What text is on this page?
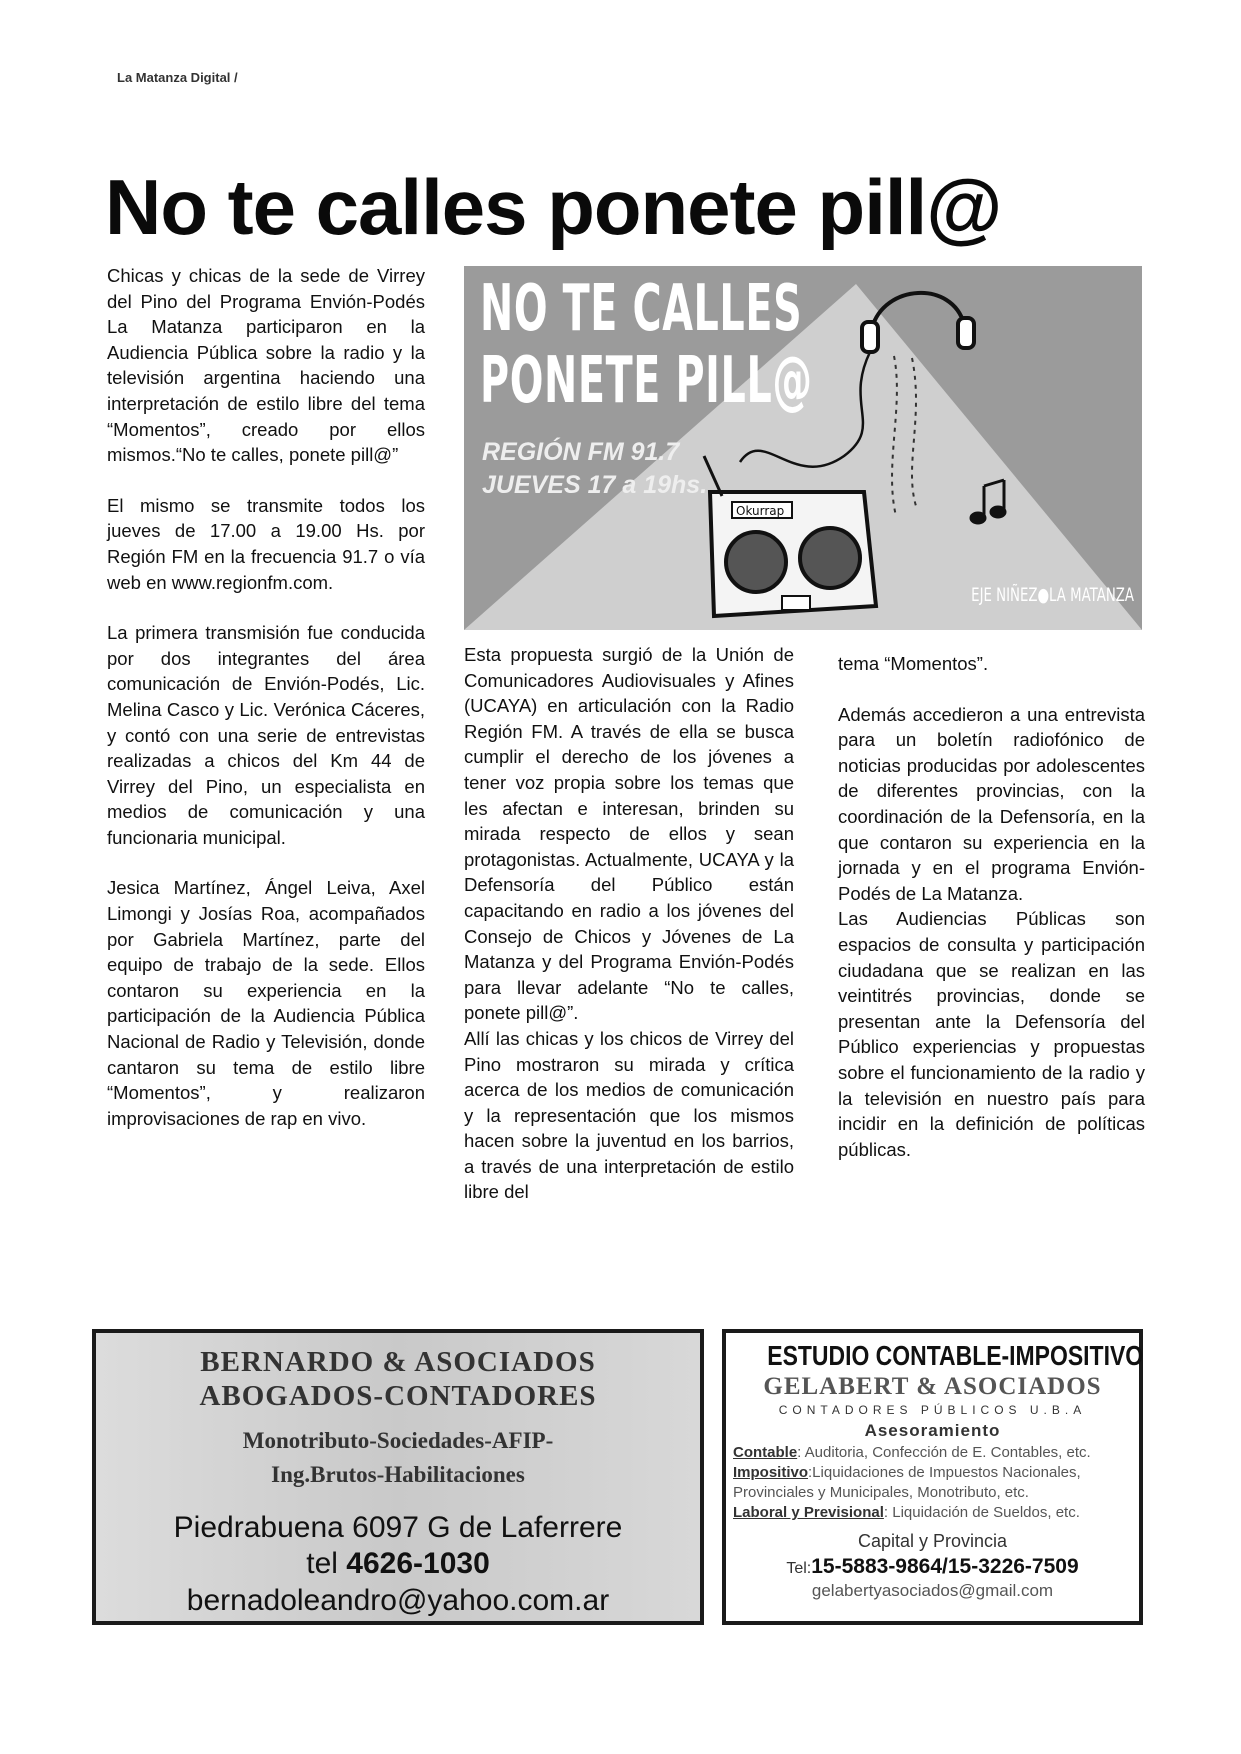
La Matanza Digital /
No te calles ponete pill@

Chicas y chicas de la sede de Virrey del Pino del Programa Envión-Podés La Matanza participaron en la Audiencia Pública sobre la radio y la televisión argentina haciendo una interpretación de estilo libre del tema “Momentos”, creado por ellos mismos.“No te calles, ponete pill@”

El mismo se transmite todos los jueves de 17.00 a 19.00 Hs. por Región FM en la frecuencia 91.7 o vía web en www.regionfm.com.

La primera transmisión fue conducida por dos integrantes del área comunicación de Envión-Podés, Lic. Melina Casco y Lic. Verónica Cáceres, y contó con una serie de entrevistas realizadas a chicos del Km 44 de Virrey del Pino, un especialista en medios de comunicación y una funcionaria municipal.

Jesica Martínez, Ángel Leiva, Axel Limongi y Josías Roa, acompañados por Gabriela Martínez, parte del equipo de trabajo de la sede. Ellos contaron su experiencia en la participación de la Audiencia Pública Nacional de Radio y Televisión, donde cantaron su tema de estilo libre “Momentos”, y realizaron improvisaciones de rap en vivo.

Okurrap
NO TE CALLES
PONETE PILL@
REGIÓN FM 91.7
JUEVES 17 a 19hs.
EJE NIÑEZ●LA MATANZA

Esta propuesta surgió de la Unión de Comunicadores Audiovisuales y Afines (UCAYA) en articulación con la Radio Región FM. A través de ella se busca cumplir el derecho de los jóvenes a tener voz propia sobre los temas que les afectan e interesan, brinden su mirada respecto de ellos y sean protagonistas. Actualmente, UCAYA y la Defensoría del Público están capacitando en radio a los jóvenes del Consejo de Chicos y Jóvenes de La Matanza y del Programa Envión-Podés para llevar adelante “No te calles, ponete pill@”.

Allí las chicas y los chicos de Virrey del Pino mostraron su mirada y crítica acerca de los medios de comunicación y la representación que los mismos hacen sobre la juventud en los barrios, a través de una interpretación de estilo libre del

tema “Momentos”.

Además accedieron a una entrevista para un boletín radiofónico de noticias producidas por adolescentes de diferentes provincias, con la coordinación de la Defensoría, en la que contaron su experiencia en la jornada y en el programa Envión-Podés de La Matanza.

Las Audiencias Públicas son espacios de consulta y participación ciudadana que se realizan en las veintitrés provincias, donde se presentan ante la Defensoría del Público experiencias y propuestas sobre el funcionamiento de la radio y la televisión en nuestro país para incidir en la definición de políticas públicas.

BERNARDO & ASOCIADOS
ABOGADOS-CONTADORES
Monotributo-Sociedades-AFIP-
Ing.Brutos-Habilitaciones
Piedrabuena 6097 G de Laferrere
tel 4626-1030
bernadoleandro@yahoo.com.ar
ESTUDIO CONTABLE-IMPOSITIVO
GELABERT & ASOCIADOS
CONTADORES PÚBLICOS U.B.A
Asesoramiento
Contable: Auditoria, Confección de E. Contables, etc.
Impositivo:Liquidaciones de Impuestos Nacionales,
Provinciales y Municipales, Monotributo, etc.
Laboral y Previsional: Liquidación de Sueldos, etc.
Capital y Provincia
Tel:15-5883-9864/15-3226-7509
gelabertyasociados@gmail.com
